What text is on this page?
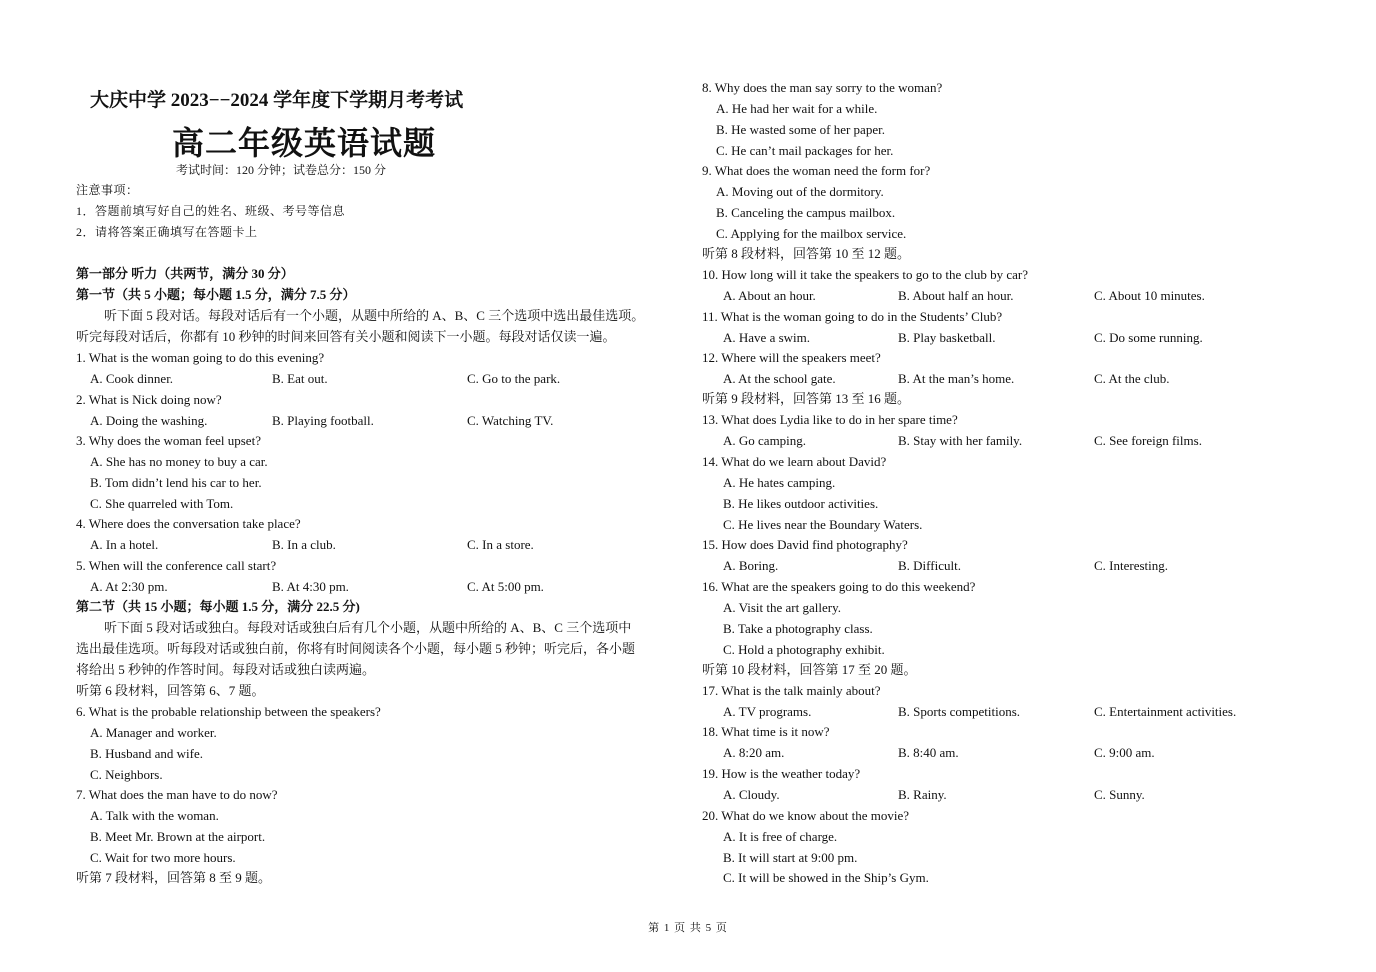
大庆中学 2023−−2024 学年度下学期月考考试
高二年级英语试题
考试时间：120 分钟；试卷总分：150 分
注意事项：
1．答题前填写好自己的姓名、班级、考号等信息
2．请将答案正确填写在答题卡上
第一部分 听力（共两节，满分 30 分）
第一节（共 5 小题；每小题 1.5 分，满分 7.5 分）
听下面 5 段对话。每段对话后有一个小题，从题中所给的 A、B、C 三个选项中选出最佳选项。
听完每段对话后，你都有 10 秒钟的时间来回答有关小题和阅读下一小题。每段对话仅读一遍。
1. What is the woman going to do this evening?
A. Cook dinner.	B. Eat out.	C. Go to the park.
2. What is Nick doing now?
A. Doing the washing.	B. Playing football.	C. Watching TV.
3. Why does the woman feel upset?
A. She has no money to buy a car.
B. Tom didn’t lend his car to her.
C. She quarreled with Tom.
4. Where does the conversation take place?
A. In a hotel.	B. In a club.	C. In a store.
5. When will the conference call start?
A. At 2:30 pm.	B. At 4:30 pm.	C. At 5:00 pm.
第二节（共 15 小题；每小题 1.5 分，满分 22.5 分)
听下面 5 段对话或独白。每段对话或独白后有几个小题，从题中所给的 A、B、C 三个选项中
选出最佳选项。听每段对话或独白前，你将有时间阅读各个小题，每小题 5 秒钟；听完后，各小题
将给出 5 秒钟的作答时间。每段对话或独白读两遍。
听第 6 段材料，回答第 6、7 题。
6. What is the probable relationship between the speakers?
A. Manager and worker.
B. Husband and wife.
C. Neighbors.
7. What does the man have to do now?
A. Talk with the woman.
B. Meet Mr. Brown at the airport.
C. Wait for two more hours.
听第 7 段材料，回答第 8 至 9 题。
8. Why does the man say sorry to the woman?
A. He had her wait for a while.
B. He wasted some of her paper.
C. He can’t mail packages for her.
9. What does the woman need the form for?
A. Moving out of the dormitory.
B. Canceling the campus mailbox.
C. Applying for the mailbox service.
听第 8 段材料，回答第 10 至 12 题。
10. How long will it take the speakers to go to the club by car?
A. About an hour.	B. About half an hour.	C. About 10 minutes.
11. What is the woman going to do in the Students’ Club?
A. Have a swim.	B. Play basketball.	C. Do some running.
12. Where will the speakers meet?
A. At the school gate.	B. At the man’s home.	C. At the club.
听第 9 段材料，回答第 13 至 16 题。
13. What does Lydia like to do in her spare time?
A. Go camping.	B. Stay with her family.	C. See foreign films.
14. What do we learn about David?
A. He hates camping.
B. He likes outdoor activities.
C. He lives near the Boundary Waters.
15. How does David find photography?
A. Boring.	B. Difficult.	C. Interesting.
16. What are the speakers going to do this weekend?
A. Visit the art gallery.
B. Take a photography class.
C. Hold a photography exhibit.
听第 10 段材料，回答第 17 至 20 题。
17. What is the talk mainly about?
A. TV programs.	B. Sports competitions.	C. Entertainment activities.
18. What time is it now?
A. 8:20 am.	B. 8:40 am.	C. 9:00 am.
19. How is the weather today?
A. Cloudy.	B. Rainy.	C. Sunny.
20. What do we know about the movie?
A. It is free of charge.
B. It will start at 9:00 pm.
C. It will be showed in the Ship’s Gym.
第 1 页 共 5 页
